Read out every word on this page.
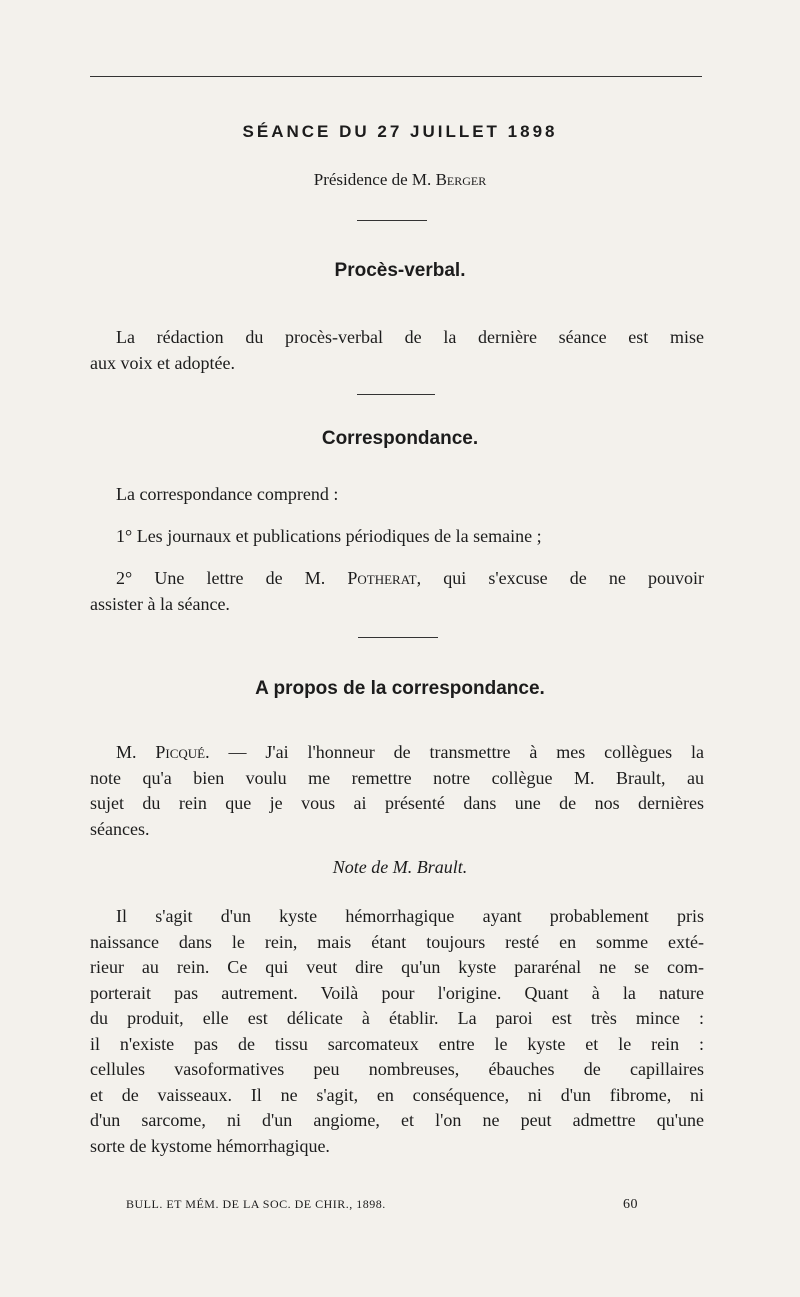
SÉANCE DU 27 JUILLET 1898
Présidence de M. Berger
Procès-verbal.
La rédaction du procès-verbal de la dernière séance est mise
aux voix et adoptée.
Correspondance.
La correspondance comprend :
1° Les journaux et publications périodiques de la semaine ;
2° Une lettre de M. Potherat, qui s'excuse de ne pouvoir
assister à la séance.
A propos de la correspondance.
M. Picqué. — J'ai l'honneur de transmettre à mes collègues la
note qu'a bien voulu me remettre notre collègue M. Brault, au
sujet du rein que je vous ai présenté dans une de nos dernières
séances.
Note de M. Brault.
Il s'agit d'un kyste hémorrhagique ayant probablement pris
naissance dans le rein, mais étant toujours resté en somme exté-
rieur au rein. Ce qui veut dire qu'un kyste pararénal ne se com-
porterait pas autrement. Voilà pour l'origine. Quant à la nature
du produit, elle est délicate à établir. La paroi est très mince :
il n'existe pas de tissu sarcomateux entre le kyste et le rein :
cellules vasoformatives peu nombreuses, ébauches de capillaires
et de vaisseaux. Il ne s'agit, en conséquence, ni d'un fibrome, ni
d'un sarcome, ni d'un angiome, et l'on ne peut admettre qu'une
sorte de kystome hémorrhagique.
BULL. ET MÉM. DE LA SOC. DE CHIR., 1898.	60
